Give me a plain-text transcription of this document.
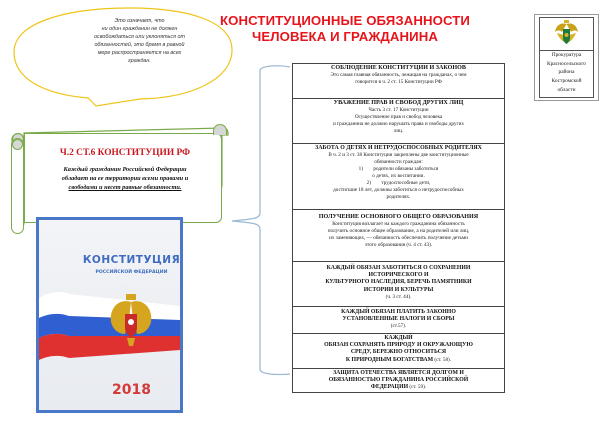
Это означает, что
ни один гражданин не должен
освобождаться или уклоняться от
обязанностей, это бремя в равной
мере распространяется на всех
граждан.
КОНСТИТУЦИОННЫЕ ОБЯЗАННОСТИ
ЧЕЛОВЕКА И ГРАЖДАНИНА
Прокуратура
Красносельского
района
Костромской
области
Ч.2 СТ.6 КОНСТИТУЦИИ РФ
Каждый гражданин Российской Федерации
обладает на ее территории всеми правами и
свободами и несет равные обязанности.
КОНСТИТУЦИЯ
РОССИЙСКОЙ ФЕДЕРАЦИИ
2018
СОБЛЮДЕНИЕ КОНСТИТУЦИИ И ЗАКОНОВ
Это самая главная обязанность, лежащая на гражданах, о чем
говорится в ч. 2 ст. 15 Конституции РФ
УВАЖЕНИЕ ПРАВ И СВОБОД ДРУГИХ ЛИЦ
Часть 3 ст. 17 Конституции
Осуществление прав и свобод человека
и гражданина не должно нарушать права и свободы других
лиц.
ЗАБОТА О ДЕТЯХ И НЕТРУДОСПОСОБНЫХ РОДИТЕЛЯХ
В ч. 2 и 3 ст. 38 Конституции закреплены две конституционные
обязанности граждан:
1)        родители обязаны заботиться
о детях, их воспитании.
2)        трудоспособные дети,
достигшие 18 лет, должны заботиться о нетрудоспособных
родителях.
ПОЛУЧЕНИЕ ОСНОВНОГО ОБЩЕГО ОБРАЗОВАНИЯ
Конституция возлагает на каждого гражданина обязанность
получить основное общее образование, а на родителей или лиц,
их заменяющих, — обязанность обеспечить получение детьми
этого образования (ч. 4 ст. 43).
КАЖДЫЙ ОБЯЗАН ЗАБОТИТЬСЯ О СОХРАНЕНИИ
ИСТОРИЧЕСКОГО И
КУЛЬТУРНОГО НАСЛЕДИЯ, БЕРЕЧЬ ПАМЯТНИКИ
ИСТОРИИ И КУЛЬТУРЫ
(ч. 3 ст. 44).
КАЖДЫЙ ОБЯЗАН ПЛАТИТЬ ЗАКОННО
УСТАНОВЛЕННЫЕ НАЛОГИ И СБОРЫ
(ст.57).
КАЖДЫЙ
ОБЯЗАН СОХРАНЯТЬ ПРИРОДУ И ОКРУЖАЮЩУЮ
СРЕДУ, БЕРЕЖНО ОТНОСИТЬСЯ
К ПРИРОДНЫМ БОГАТСТВАМ (ст. 58).
ЗАЩИТА ОТЕЧЕСТВА ЯВЛЯЕТСЯ ДОЛГОМ И
ОБЯЗАННОСТЬЮ ГРАЖДАНИНА РОССИЙСКОЙ
ФЕДЕРАЦИИ (ст. 59).
